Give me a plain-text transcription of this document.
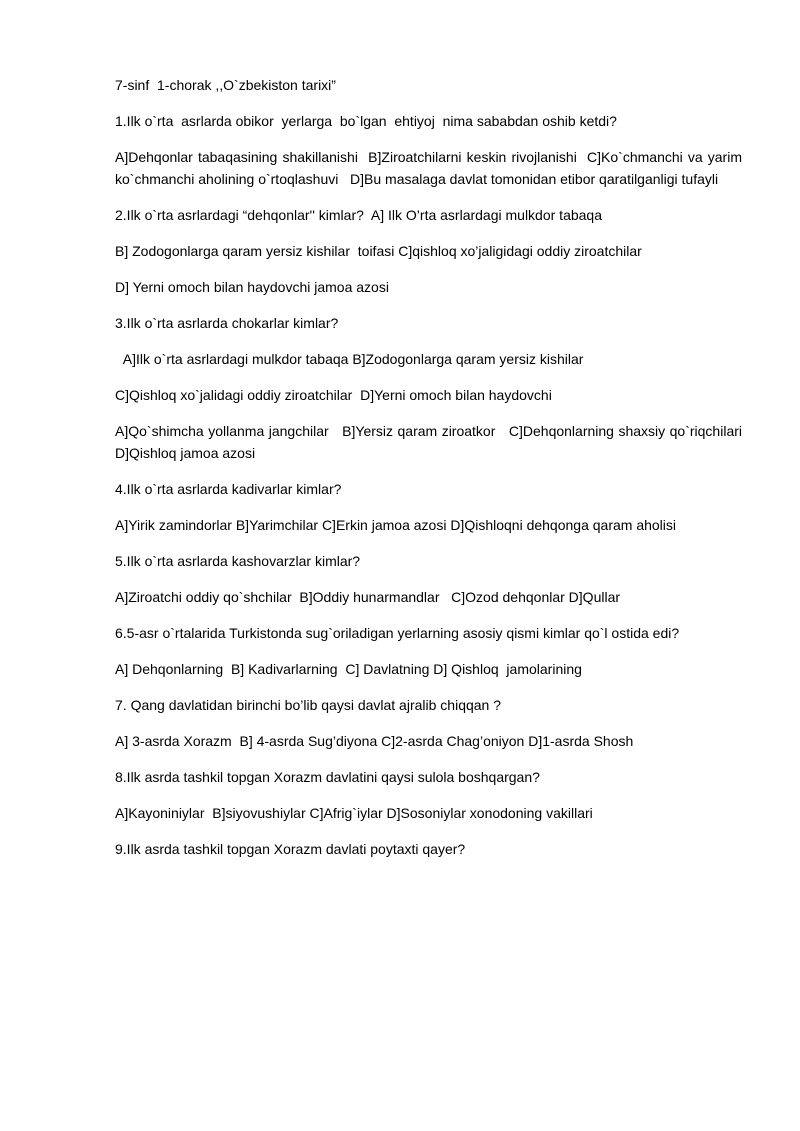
7-sinf  1-chorak ,,O`zbekiston tarixi”

1.Ilk o`rta  asrlarda obikor  yerlarga  bo`lgan  ehtiyoj  nima sababdan oshib ketdi?

A]Dehqonlar tabaqasining shakillanishi  B]Ziroatchilarni keskin rivojlanishi  C]Ko`chmanchi va yarim ko`chmanchi aholining o`rtoqlashuvi   D]Bu masalaga davlat tomonidan etibor qaratilganligi tufayli

2.Ilk o`rta asrlardagi “dehqonlar'' kimlar?  A] Ilk O’rta asrlardagi mulkdor tabaqa

B] Zodogonlarga qaram yersiz kishilar  toifasi C]qishloq xo’jaligidagi oddiy ziroatchilar

D] Yerni omoch bilan haydovchi jamoa azosi

3.Ilk o`rta asrlarda chokarlar kimlar?

A]Ilk o`rta asrlardagi mulkdor tabaqa B]Zodogonlarga qaram yersiz kishilar

C]Qishloq xo`jalidagi oddiy ziroatchilar  D]Yerni omoch bilan haydovchi

A]Qo`shimcha yollanma jangchilar   B]Yersiz qaram ziroatkor   C]Dehqonlarning shaxsiy qo`riqchilari D]Qishloq jamoa azosi

4.Ilk o`rta asrlarda kadivarlar kimlar?

A]Yirik zamindorlar B]Yarimchilar C]Erkin jamoa azosi D]Qishloqni dehqonga qaram aholisi

5.Ilk o`rta asrlarda kashovarzlar kimlar?

A]Ziroatchi oddiy qo`shchilar  B]Oddiy hunarmandlar   C]Ozod dehqonlar D]Qullar

6.5-asr o`rtalarida Turkistonda sug`oriladigan yerlarning asosiy qismi kimlar qo`l ostida edi?

A] Dehqonlarning  B] Kadivarlarning  C] Davlatning D] Qishloq  jamolarining

7. Qang davlatidan birinchi bo’lib qaysi davlat ajralib chiqqan ?

A] 3-asrda Xorazm  B] 4-asrda Sug’diyona C]2-asrda Chag’oniyon D]1-asrda Shosh

8.Ilk asrda tashkil topgan Xorazm davlatini qaysi sulola boshqargan?

A]Kayoniniylar  B]siyovushiylar C]Afrig`iylar D]Sosoniylar xonodoning vakillari

9.Ilk asrda tashkil topgan Xorazm davlati poytaxti qayer?
